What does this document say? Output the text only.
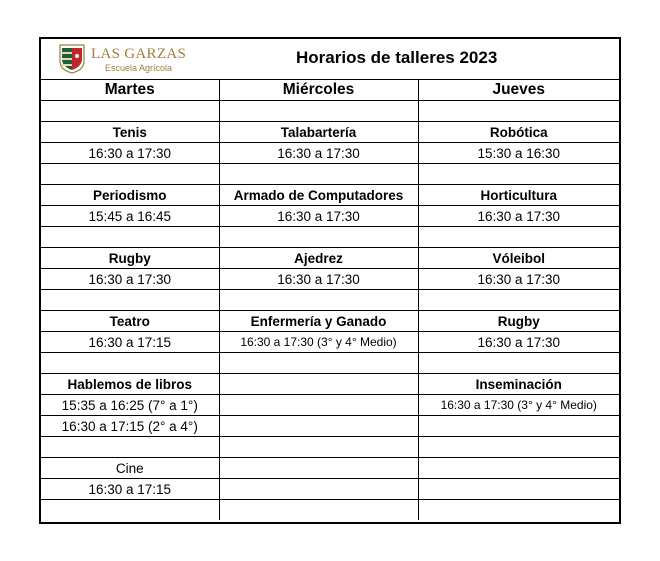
LAS GARZAS
Escuela Agrícola
Horarios de talleres 2023
Martes	Miércoles	Jueves

Tenis	Talabartería	Robótica
16:30 a 17:30	16:30 a 17:30	15:30 a 16:30

Periodismo	Armado de Computadores	Horticultura
15:45 a 16:45	16:30 a 17:30	16:30 a 17:30

Rugby	Ajedrez	Vóleibol
16:30 a 17:30	16:30 a 17:30	16:30 a 17:30

Teatro	Enfermería y Ganado	Rugby
16:30 a 17:15	16:30 a 17:30 (3° y 4° Medio)	16:30 a 17:30

Hablemos de libros		Inseminación
15:35 a 16:25 (7° a 1°)		16:30 a 17:30 (3° y 4° Medio)
16:30 a 17:15 (2° a 4°)		

Cine		
16:30 a 17:15		
